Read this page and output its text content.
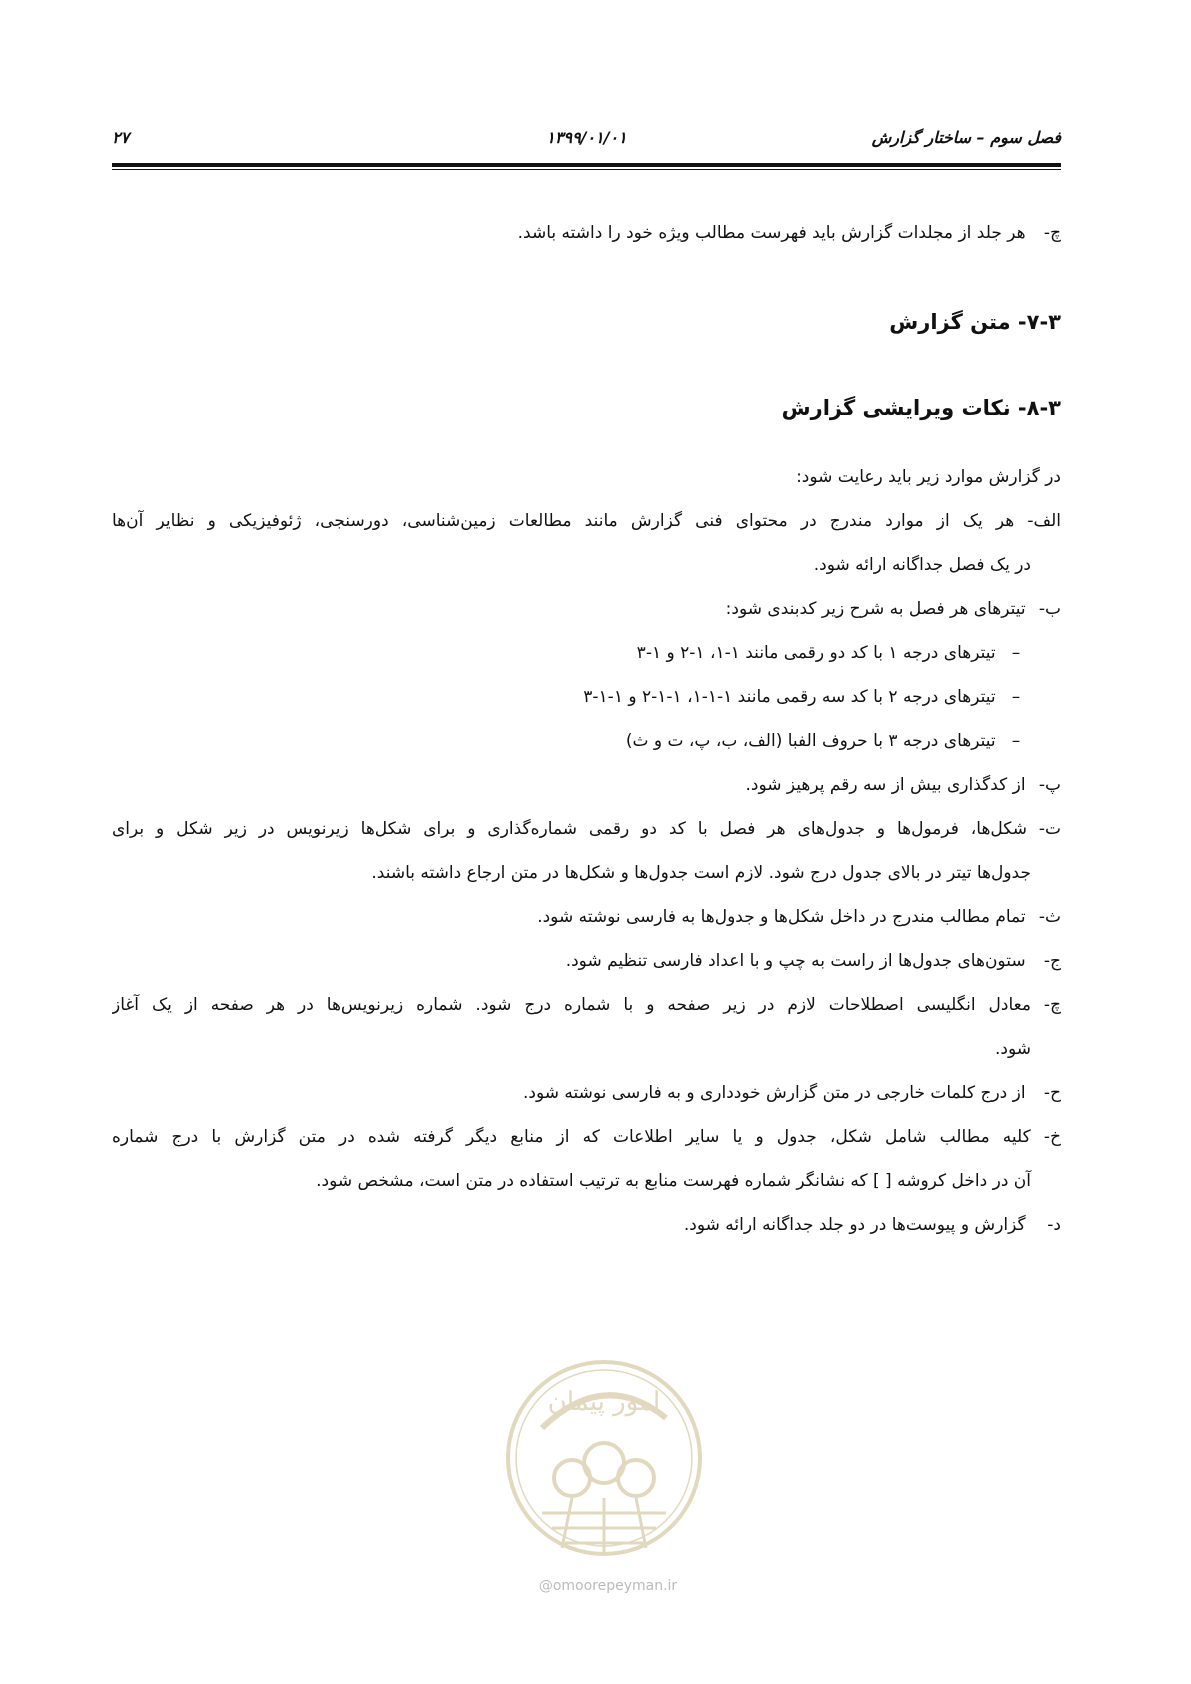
فصل سوم – ساختار گزارش
۱۳۹۹/۰۱/۰۱
۲۷
چ- هر جلد از مجلدات گزارش باید فهرست مطالب ویژه خود را داشته باشد.
۷-۳- متن گزارش
۸-۳- نکات ویرایشی گزارش
در گزارش موارد زیر باید رعایت شود:
الف- هر یک از موارد مندرج در محتوای فنی گزارش مانند مطالعات زمین‌شناسی، دورسنجی، ژئوفیزیکی و نظایر آن‌ها
در یک فصل جداگانه ارائه شود.
ب- تیترهای هر فصل به شرح زیر کدبندی شود:
– تیترهای درجه ۱ با کد دو رقمی مانند ۱-۱، ۱-۲ و ۱-۳
– تیترهای درجه ۲ با کد سه رقمی مانند ۱-۱-۱، ۱-۱-۲ و ۱-۱-۳
– تیترهای درجه ۳ با حروف الفبا (الف، ب، پ، ت و ث)
پ- از کدگذاری بیش از سه رقم پرهیز شود.
ت- شکل‌ها، فرمول‌ها و جدول‌های هر فصل با کد دو رقمی شماره‌گذاری و برای شکل‌ها زیرنویس در زیر شکل و برای
جدول‌ها تیتر در بالای جدول درج شود. لازم است جدول‌ها و شکل‌ها در متن ارجاع داشته باشند.
ث- تمام مطالب مندرج در داخل شکل‌ها و جدول‌ها به فارسی نوشته شود.
ج- ستون‌های جدول‌ها از راست به چپ و با اعداد فارسی تنظیم شود.
چ- معادل انگلیسی اصطلاحات لازم در زیر صفحه و با شماره درج شود. شماره زیرنویس‌ها در هر صفحه از یک آغاز
شود.
ح- از درج کلمات خارجی در متن گزارش خودداری و به فارسی نوشته شود.
خ- کلیه مطالب شامل شکل، جدول و یا سایر اطلاعات که از منابع دیگر گرفته شده در متن گزارش با درج شماره
آن در داخل کروشه [ ] که نشانگر شماره فهرست منابع به ترتیب استفاده در متن است، مشخص شود.
د- گزارش و پیوست‌ها در دو جلد جداگانه ارائه شود.
امور پیمان
@omoorepeyman.ir
